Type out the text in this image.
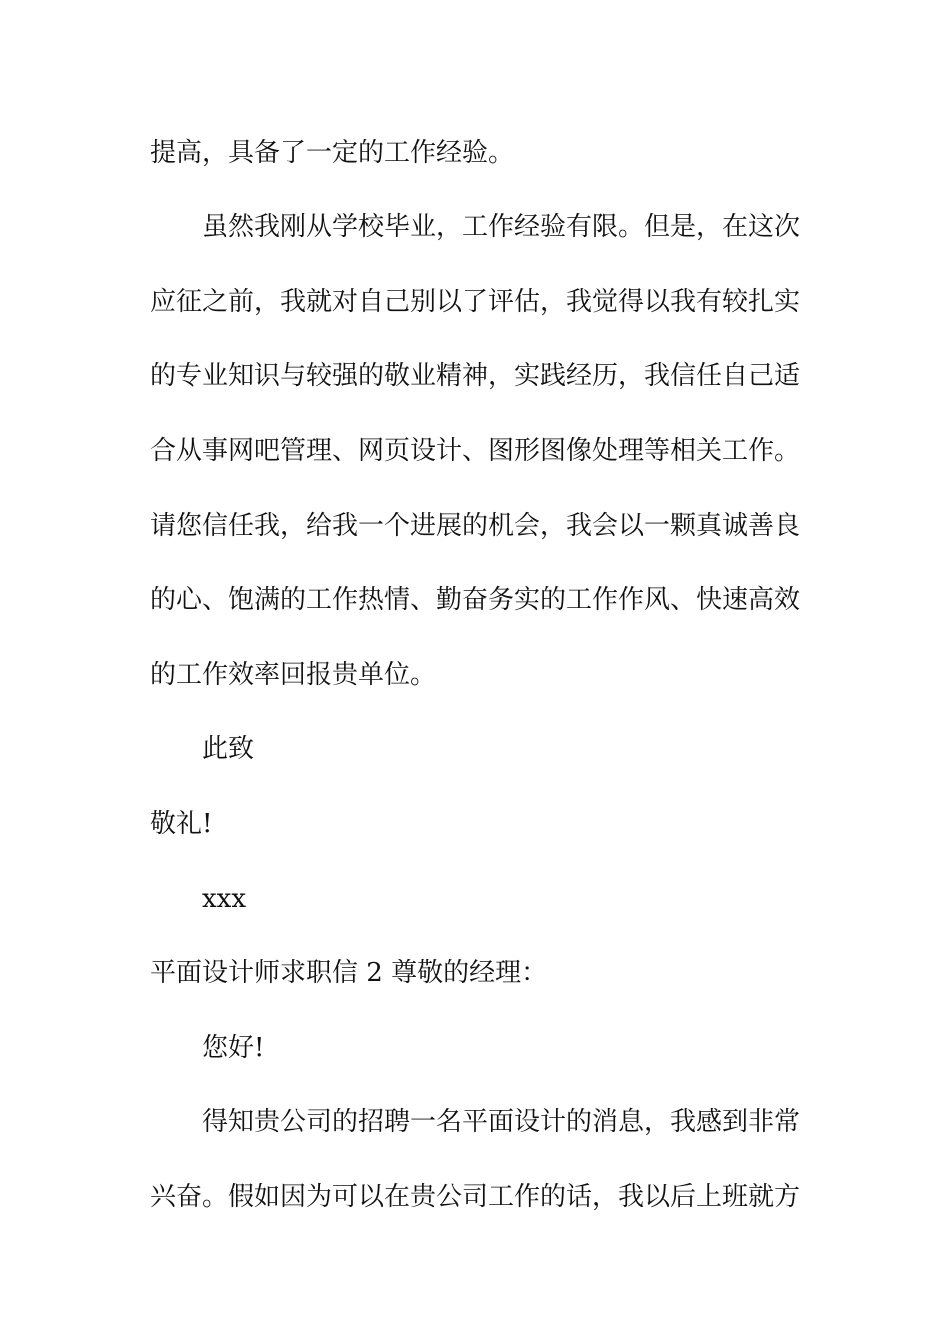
提高，具备了一定的工作经验。
虽然我刚从学校毕业，工作经验有限。但是，在这次
应征之前，我就对自己别以了评估，我觉得以我有较扎实
的专业知识与较强的敬业精神，实践经历，我信任自己适
合从事网吧管理、网页设计、图形图像处理等相关工作。
请您信任我，给我一个进展的机会，我会以一颗真诚善良
的心、饱满的工作热情、勤奋务实的工作作风、快速高效
的工作效率回报贵单位。
此致
敬礼!
xxx
平面设计师求职信 2 尊敬的经理：
您好!
得知贵公司的招聘一名平面设计的消息，我感到非常
兴奋。假如因为可以在贵公司工作的话，我以后上班就方
